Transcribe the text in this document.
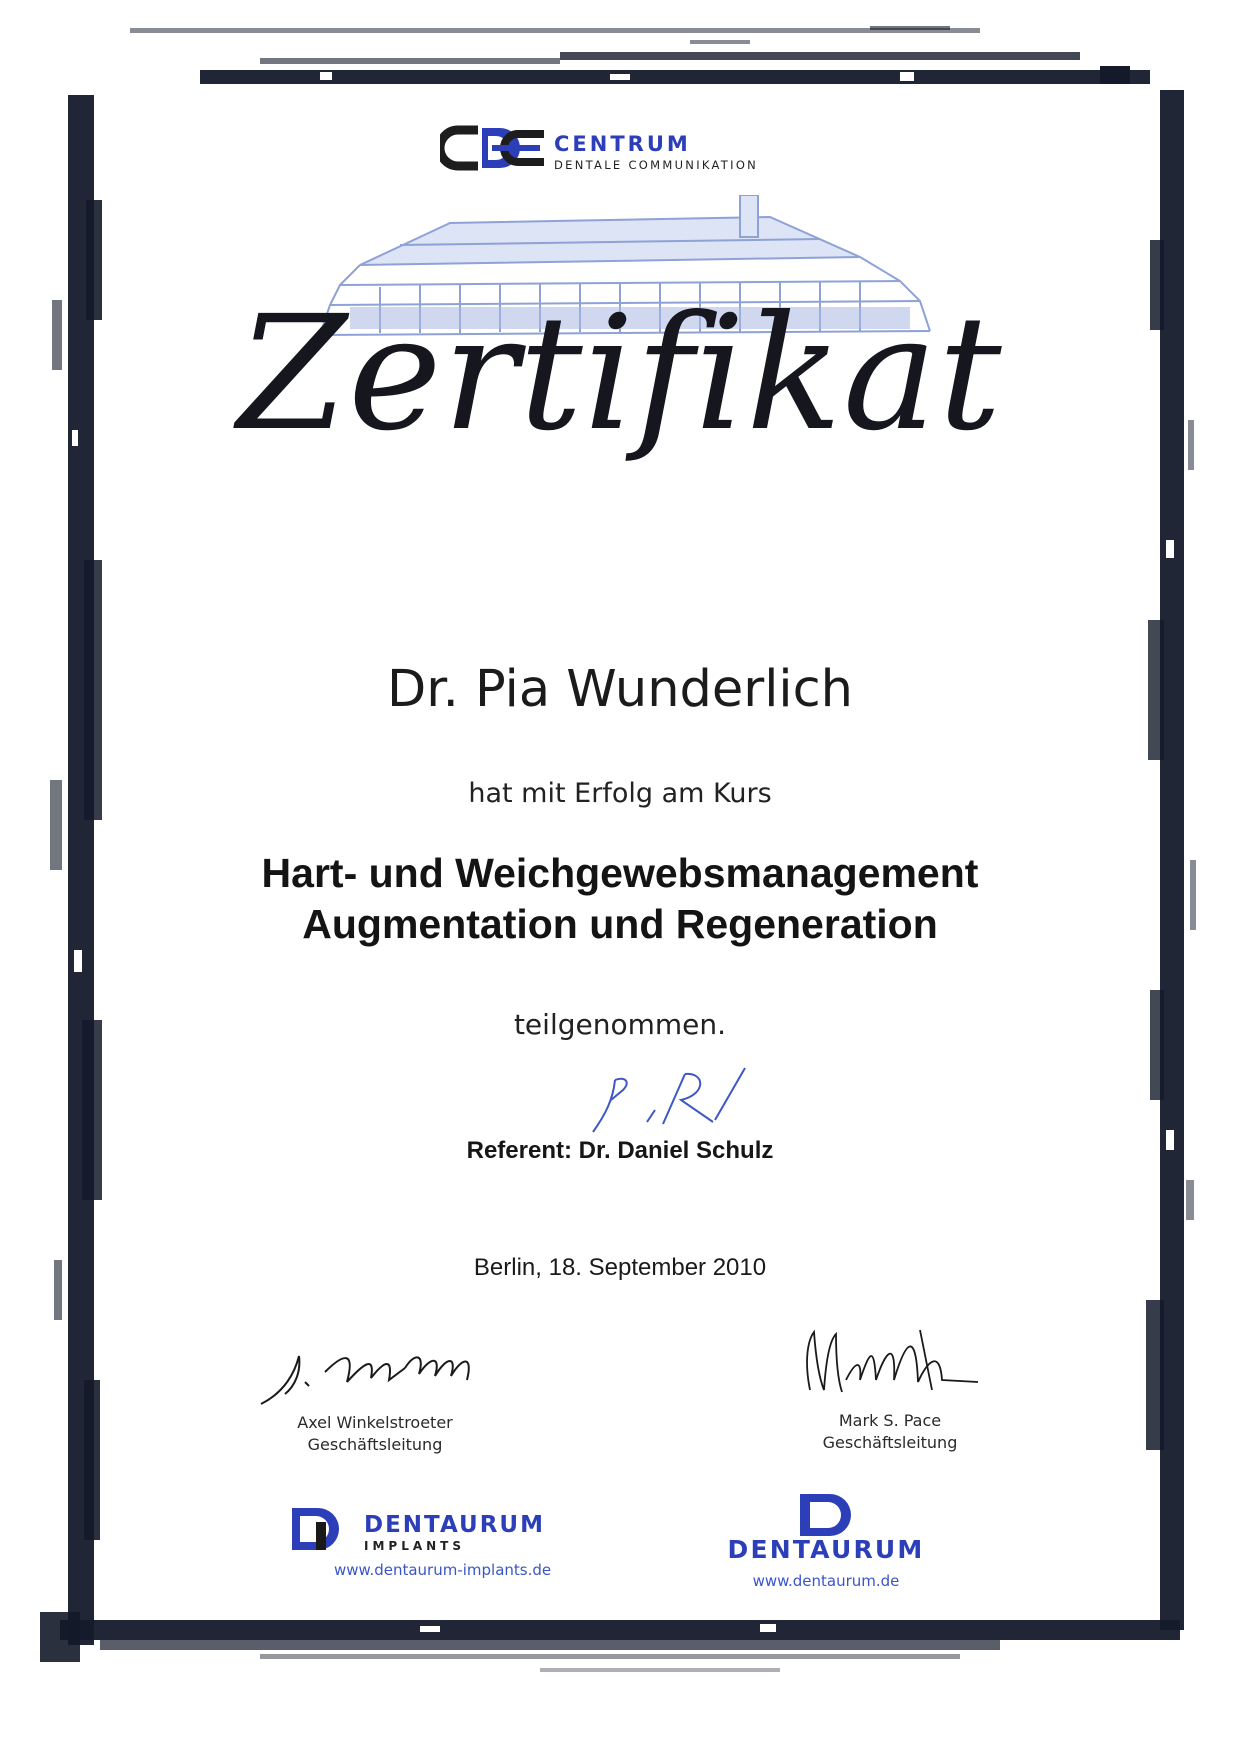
CENTRUM
DENTALE COMMUNIKATION
Zertifikat
Dr. Pia Wunderlich
hat mit Erfolg am Kurs
Hart- und Weichgewebsmanagement
Augmentation und Regeneration
teilgenommen.
Referent: Dr. Daniel Schulz
Berlin, 18. September 2010
Axel Winkelstroeter
Geschäftsleitung
Mark S. Pace
Geschäftsleitung
DENTAURUM
IMPLANTS
www.dentaurum-implants.de
DENTAURUM
www.dentaurum.de
